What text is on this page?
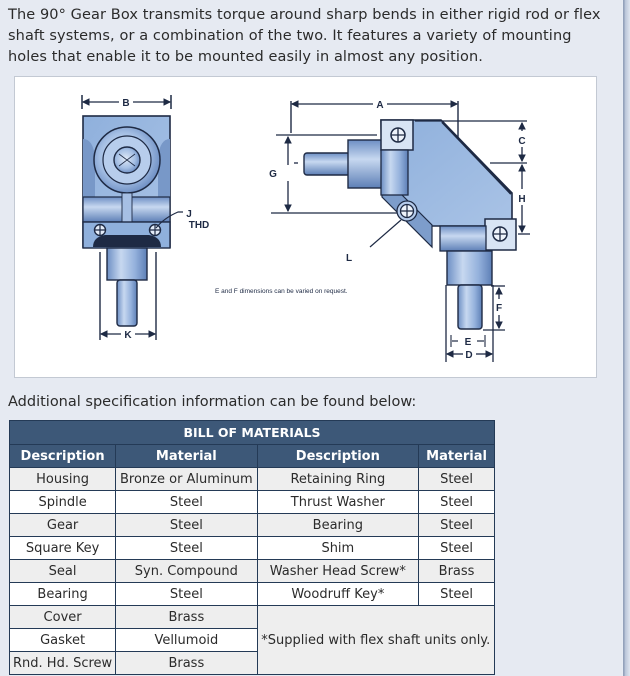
The 90° Gear Box transmits torque around sharp bends in either rigid rod or flex shaft systems, or a combination of the two. It features a variety of mounting holes that enable it to be mounted easily in almost any position.

B
K
J
THD
A
G
C
H
L
F
E
D
E and F dimensions can be varied on request.

Additional specification information can be found below:

BILL OF MATERIALS			
Description	Material	Description	Material
Housing	Bronze or Aluminum	Retaining Ring	Steel
Spindle	Steel	Thrust Washer	Steel
Gear	Steel	Bearing	Steel
Square Key	Steel	Shim	Steel
Seal	Syn. Compound	Washer Head Screw*	Brass
Bearing	Steel	Woodruff Key*	Steel
Cover	Brass	*Supplied with flex shaft units only.	
Gasket	Vellumoid		
Rnd. Hd. Screw	Brass		
